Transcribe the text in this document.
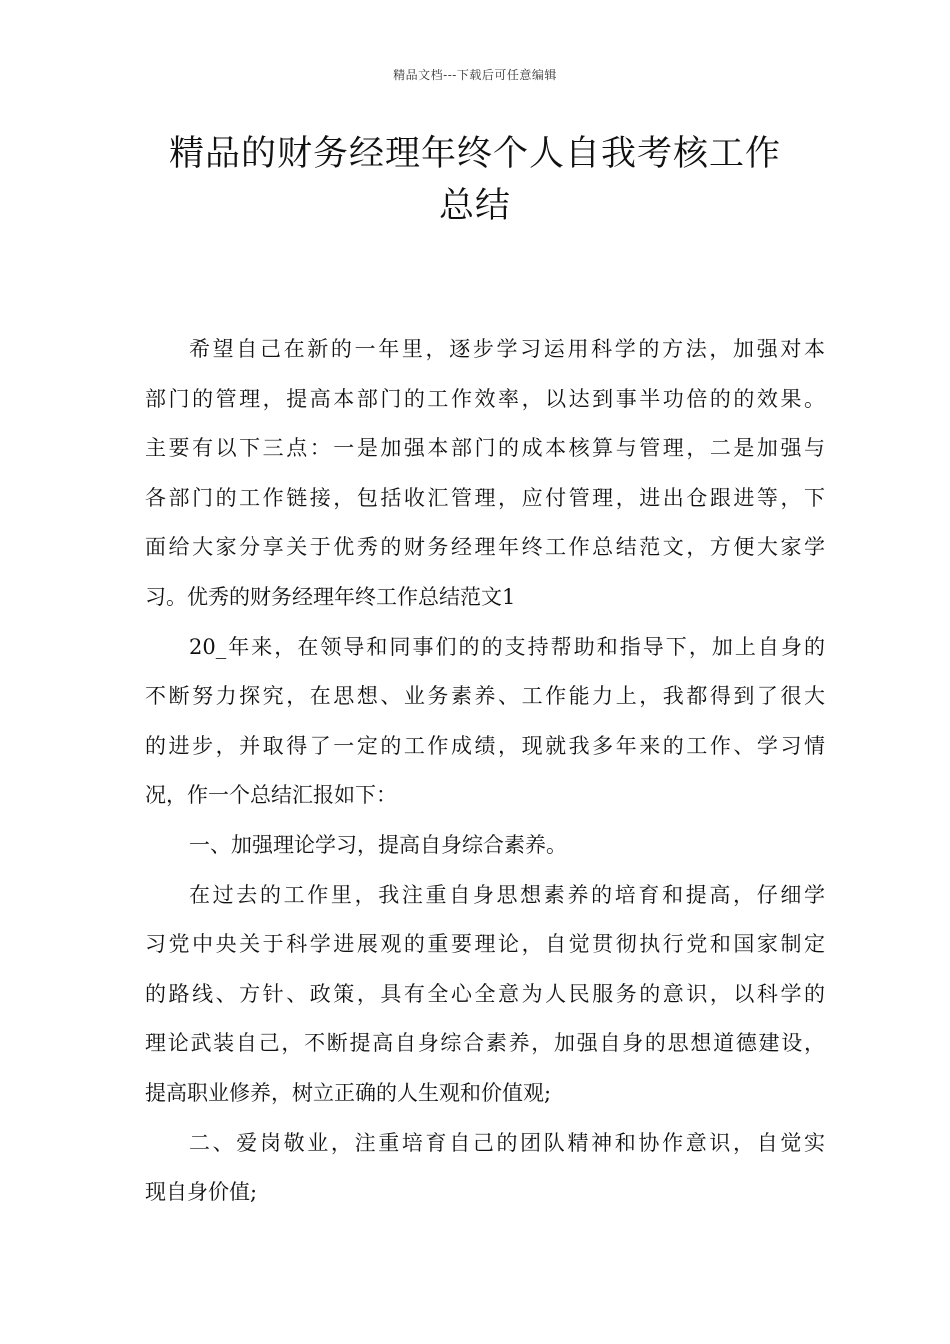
精品文档---下载后可任意编辑
精品的财务经理年终个人自我考核工作
总结
希望自己在新的一年里，逐步学习运用科学的方法，加强对本
部门的管理，提高本部门的工作效率，以达到事半功倍的的效果。
主要有以下三点：一是加强本部门的成本核算与管理，二是加强与
各部门的工作链接，包括收汇管理，应付管理，进出仓跟进等，下
面给大家分享关于优秀的财务经理年终工作总结范文，方便大家学
习。优秀的财务经理年终工作总结范文1
20_年来，在领导和同事们的的支持帮助和指导下，加上自身的
不断努力探究，在思想、业务素养、工作能力上，我都得到了很大
的进步，并取得了一定的工作成绩，现就我多年来的工作、学习情
况，作一个总结汇报如下：
一、加强理论学习，提高自身综合素养。
在过去的工作里，我注重自身思想素养的培育和提高，仔细学
习党中央关于科学进展观的重要理论，自觉贯彻执行党和国家制定
的路线、方针、政策，具有全心全意为人民服务的意识，以科学的
理论武装自己，不断提高自身综合素养，加强自身的思想道德建设，
提高职业修养，树立正确的人生观和价值观;
二、爱岗敬业，注重培育自己的团队精神和协作意识，自觉实
现自身价值;
